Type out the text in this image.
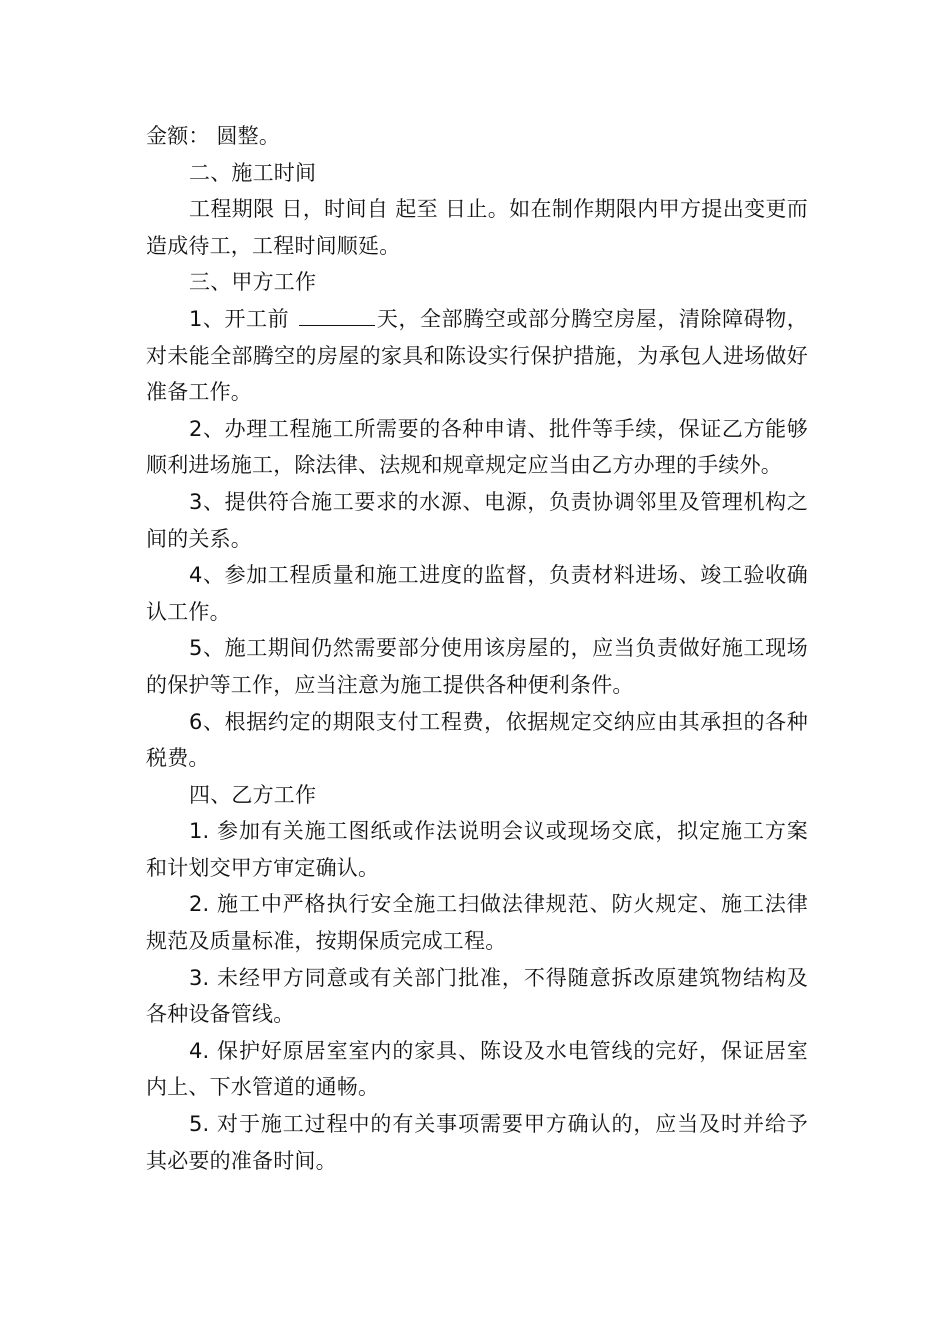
金额： 圆整。

二、施工时间

工程期限 日，时间自 起至 日止。如在制作期限内甲方提出变更而造成待工，工程时间顺延。

三、甲方工作

1、开工前	天，全部腾空或部分腾空房屋，清除障碍物，对未能全部腾空的房屋的家具和陈设实行保护措施，为承包人进场做好准备工作。

2、办理工程施工所需要的各种申请、批件等手续，保证乙方能够顺利进场施工，除法律、法规和规章规定应当由乙方办理的手续外。

3、提供符合施工要求的水源、电源，负责协调邻里及管理机构之间的关系。

4、参加工程质量和施工进度的监督，负责材料进场、竣工验收确认工作。

5、施工期间仍然需要部分使用该房屋的，应当负责做好施工现场的保护等工作，应当注意为施工提供各种便利条件。

6、根据约定的期限支付工程费，依据规定交纳应由其承担的各种税费。

四、乙方工作

1. 参加有关施工图纸或作法说明会议或现场交底，拟定施工方案和计划交甲方审定确认。

2. 施工中严格执行安全施工扫做法律规范、防火规定、施工法律规范及质量标准，按期保质完成工程。

3. 未经甲方同意或有关部门批准，不得随意拆改原建筑物结构及各种设备管线。

4. 保护好原居室室内的家具、陈设及水电管线的完好，保证居室内上、下水管道的通畅。

5. 对于施工过程中的有关事项需要甲方确认的，应当及时并给予其必要的准备时间。
